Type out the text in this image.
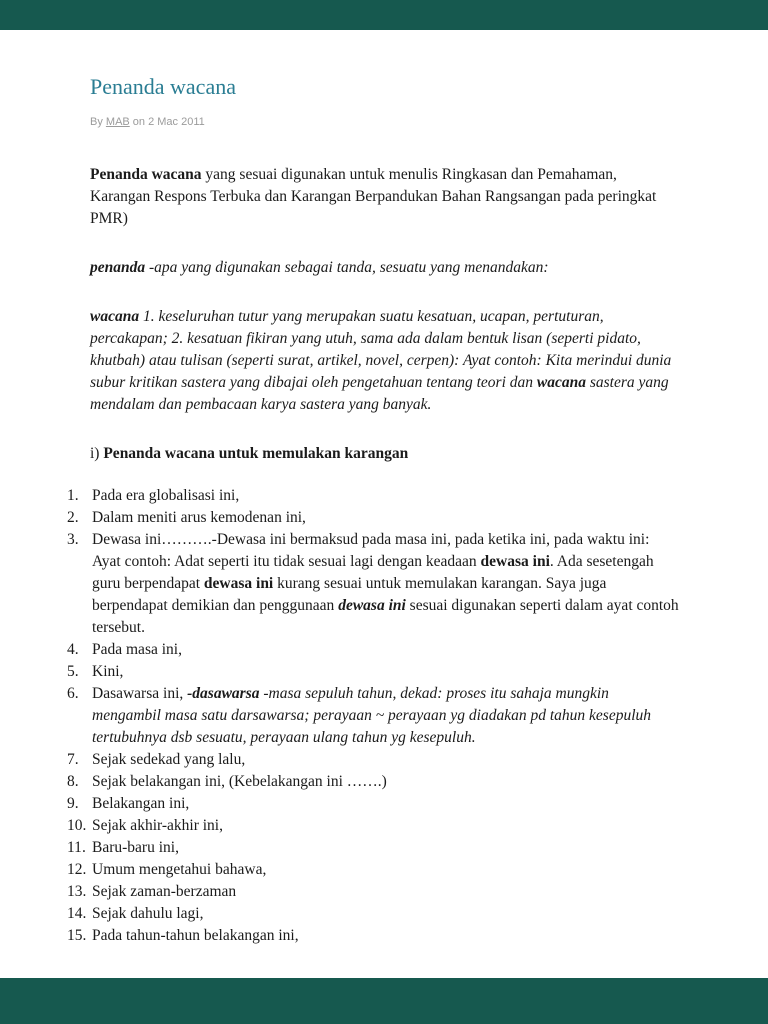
Penanda wacana

By MAB on 2 Mac 2011

Penanda wacana yang sesuai digunakan untuk menulis Ringkasan dan Pemahaman, Karangan Respons Terbuka dan Karangan Berpandukan Bahan Rangsangan pada peringkat PMR)

penanda -apa yang digunakan sebagai tanda, sesuatu yang menandakan:

wacana 1. keseluruhan tutur yang merupakan suatu kesatuan, ucapan, pertuturan, percakapan; 2. kesatuan fikiran yang utuh, sama ada dalam bentuk lisan (seperti pidato, khutbah) atau tulisan (seperti surat, artikel, novel, cerpen): Ayat contoh: Kita merindui dunia subur kritikan sastera yang dibajai oleh pengetahuan tentang teori dan wacana sastera yang mendalam dan pembacaan karya sastera yang banyak.

i) Penanda wacana untuk memulakan karangan

Pada era globalisasi ini,
Dalam meniti arus kemodenan ini,
Dewasa ini……….-Dewasa ini bermaksud pada masa ini, pada ketika ini, pada waktu ini: Ayat contoh: Adat seperti itu tidak sesuai lagi dengan keadaan dewasa ini. Ada sesetengah guru berpendapat dewasa ini kurang sesuai untuk memulakan karangan. Saya juga berpendapat demikian dan penggunaan dewasa ini sesuai digunakan seperti dalam ayat contoh tersebut.
Pada masa ini,
Kini,
Dasawarsa ini, -dasawarsa -masa sepuluh tahun, dekad: proses itu sahaja mungkin mengambil masa satu darsawarsa; perayaan ~ perayaan yg diadakan pd tahun kesepuluh tertubuhnya dsb sesuatu, perayaan ulang tahun yg kesepuluh.
Sejak sedekad yang lalu,
Sejak belakangan ini, (Kebelakangan ini …….)
Belakangan ini,
Sejak akhir-akhir ini,
Baru-baru ini,
Umum mengetahui bahawa,
Sejak zaman-berzaman
Sejak dahulu lagi,
Pada tahun-tahun belakangan ini,
